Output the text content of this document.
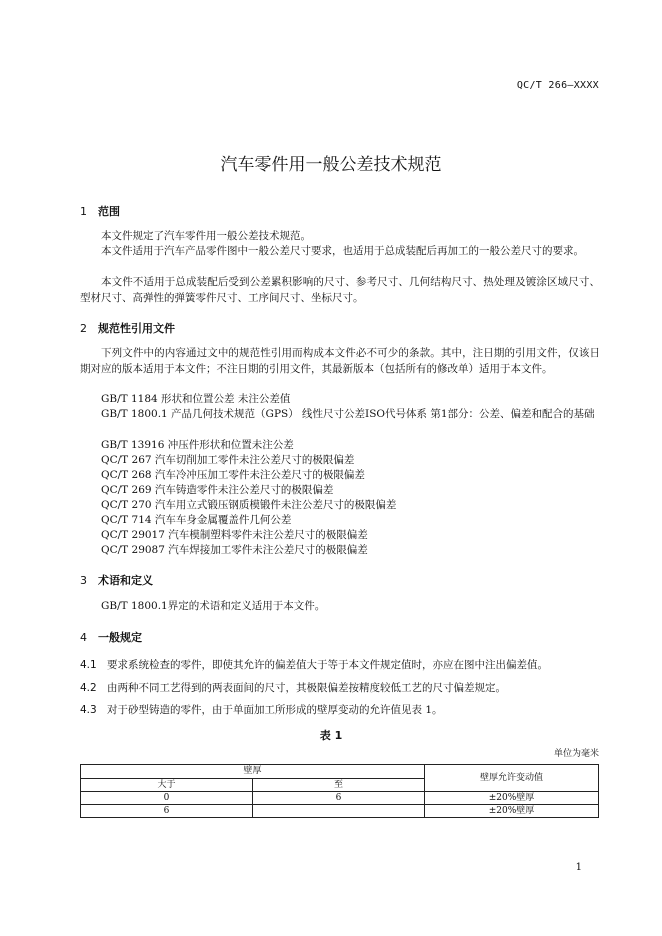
QC/T 266—XXXX
汽车零件用一般公差技术规范
1 范围
本文件规定了汽车零件用一般公差技术规范。
本文件适用于汽车产品零件图中一般公差尺寸要求，也适用于总成装配后再加工的一般公差尺寸的要求。
本文件不适用于总成装配后受到公差累积影响的尺寸、参考尺寸、几何结构尺寸、热处理及镀涂区域尺寸、型材尺寸、高弹性的弹簧零件尺寸、工序间尺寸、坐标尺寸。
2 规范性引用文件
下列文件中的内容通过文中的规范性引用而构成本文件必不可少的条款。其中，注日期的引用文件，仅该日期对应的版本适用于本文件；不注日期的引用文件，其最新版本（包括所有的修改单）适用于本文件。
GB/T 1184 形状和位置公差 未注公差值
GB/T 1800.1 产品几何技术规范（GPS） 线性尺寸公差ISO代号体系 第1部分：公差、偏差和配合的基础
GB/T 13916 冲压件形状和位置未注公差
QC/T 267 汽车切削加工零件未注公差尺寸的极限偏差
QC/T 268 汽车冷冲压加工零件未注公差尺寸的极限偏差
QC/T 269 汽车铸造零件未注公差尺寸的极限偏差
QC/T 270 汽车用立式锻压钢质模锻件未注公差尺寸的极限偏差
QC/T 714 汽车车身金属覆盖件几何公差
QC/T 29017 汽车模制塑料零件未注公差尺寸的极限偏差
QC/T 29087 汽车焊接加工零件未注公差尺寸的极限偏差
3 术语和定义
GB/T 1800.1界定的术语和定义适用于本文件。
4 一般规定
4.1 要求系统检查的零件，即使其允许的偏差值大于等于本文件规定值时，亦应在图中注出偏差值。
4.2 由两种不同工艺得到的两表面间的尺寸，其极限偏差按精度较低工艺的尺寸偏差规定。
4.3 对于砂型铸造的零件，由于单面加工所形成的壁厚变动的允许值见表 1。
表 1
单位为毫米
壁厚		壁厚允许变动值
大于	至	
0	6	±20%壁厚
6		±20%壁厚
1
